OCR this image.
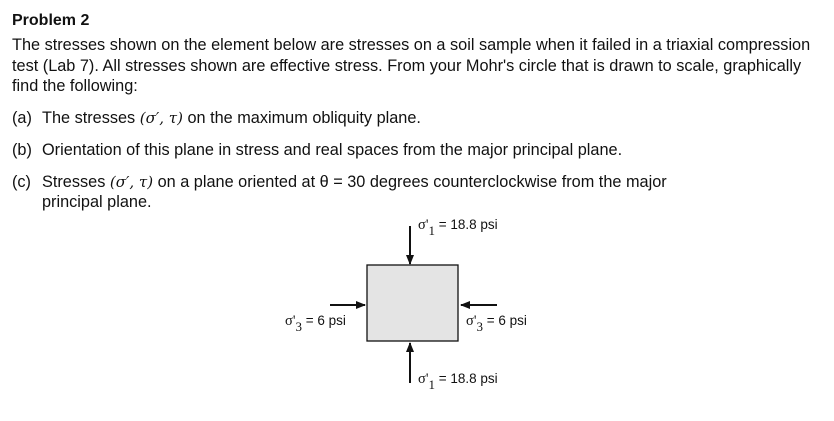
Problem 2
The stresses shown on the element below are stresses on a soil sample when it failed in a triaxial compression test (Lab 7). All stresses shown are effective stress. From your Mohr's circle that is drawn to scale, graphically find the following:
(a) The stresses (σ′, τ) on the maximum obliquity plane.
(b) Orientation of this plane in stress and real spaces from the major principal plane.
(c) Stresses (σ′, τ) on a plane oriented at θ = 30 degrees counterclockwise from the major
principal plane.
σ'1 = 18.8 psi
σ'1 = 18.8 psi
σ'3 = 6 psi	σ'3 = 6 psi
